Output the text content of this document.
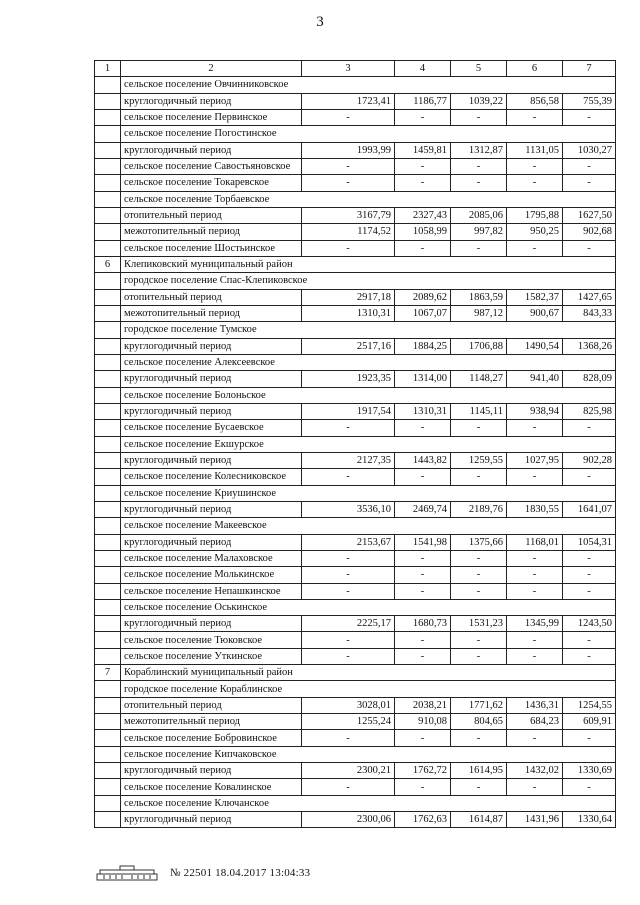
3
1	2	3	4	5	6	7
	сельское поселение Овчинниковское					
	круглогодичный период	1723,41	1186,77	1039,22	856,58	755,39
	сельское поселение Первинское	-	-	-	-	-
	сельское поселение Погостинское					
	круглогодичный период	1993,99	1459,81	1312,87	1131,05	1030,27
	сельское поселение Савостьяновское	-	-	-	-	-
	сельское поселение Токаревское	-	-	-	-	-
	сельское поселение Торбаевское					
	отопительный период	3167,79	2327,43	2085,06	1795,88	1627,50
	межотопительный период	1174,52	1058,99	997,82	950,25	902,68
	сельское поселение Шостьинское	-	-	-	-	-
6	Клепиковский муниципальный район					
	городское поселение Спас-Клепиковское					
	отопительный период	2917,18	2089,62	1863,59	1582,37	1427,65
	межотопительный период	1310,31	1067,07	987,12	900,67	843,33
	городское поселение Тумское					
	круглогодичный период	2517,16	1884,25	1706,88	1490,54	1368,26
	сельское поселение Алексеевское					
	круглогодичный период	1923,35	1314,00	1148,27	941,40	828,09
	сельское поселение Болоньское					
	круглогодичный период	1917,54	1310,31	1145,11	938,94	825,98
	сельское поселение Бусаевское	-	-	-	-	-
	сельское поселение Екшурское					
	круглогодичный период	2127,35	1443,82	1259,55	1027,95	902,28
	сельское поселение Колесниковское	-	-	-	-	-
	сельское поселение Криушинское					
	круглогодичный период	3536,10	2469,74	2189,76	1830,55	1641,07
	сельское поселение Макеевское					
	круглогодичный период	2153,67	1541,98	1375,66	1168,01	1054,31
	сельское поселение Малаховское	-	-	-	-	-
	сельское поселение Молькинское	-	-	-	-	-
	сельское поселение Непашкинское	-	-	-	-	-
	сельское поселение Оськинское					
	круглогодичный период	2225,17	1680,73	1531,23	1345,99	1243,50
	сельское поселение Тюковское	-	-	-	-	-
	сельское поселение Уткинское	-	-	-	-	-
7	Кораблинский муниципальный район					
	городское поселение Кораблинское					
	отопительный период	3028,01	2038,21	1771,62	1436,31	1254,55
	межотопительный период	1255,24	910,08	804,65	684,23	609,91
	сельское поселение Бобровинское	-	-	-	-	-
	сельское поселение Кипчаковское					
	круглогодичный период	2300,21	1762,72	1614,95	1432,02	1330,69
	сельское поселение Ковалинское	-	-	-	-	-
	сельское поселение Ключанское					
	круглогодичный период	2300,06	1762,63	1614,87	1431,96	1330,64
№ 22501 18.04.2017 13:04:33
